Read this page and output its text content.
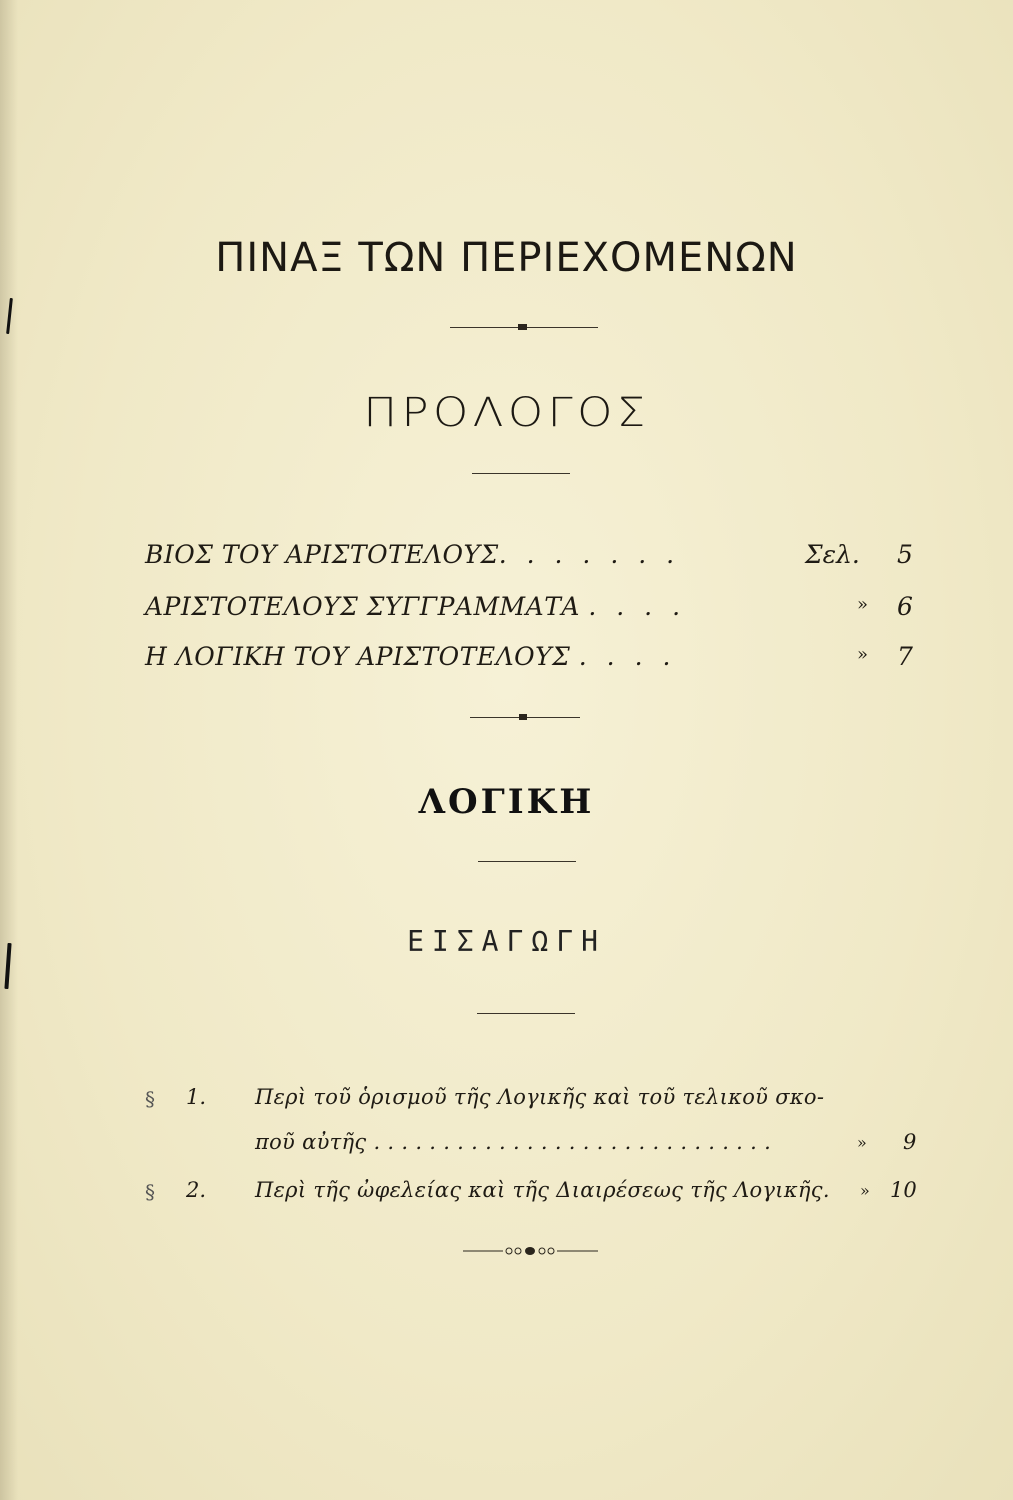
ΠΙΝΑΞ ΤΩΝ ΠΕΡΙΕΧΟΜΕΝΩΝ
ΠΡΟΛΟΓΟΣ
ΒΙΟΣ ΤΟΥ ΑΡΙΣΤΟΤΕΛΟΥΣ. . . . . . .	Σελ. 5
ΑΡΙΣΤΟΤΕΛΟΥΣ ΣΥΓΓΡΑΜΜΑΤΑ . . . .	» 6
Η ΛΟΓΙΚΗ ΤΟΥ ΑΡΙΣΤΟΤΕΛΟΥΣ . . . .	» 7
ΛΟΓΙΚΗ
ΕΙΣΑΓΩΓΗ
§ 1. Περὶ τοῦ ὁρισμοῦ τῆς Λογικῆς καὶ τοῦ τελικοῦ σκο-
ποῦ αὐτῆς . . . . . . . . . . . . . . . . . . . . . . . . . . . . .	» 9
§ 2. Περὶ τῆς ὠφελείας καὶ τῆς Διαιρέσεως τῆς Λογικῆς. » 10
